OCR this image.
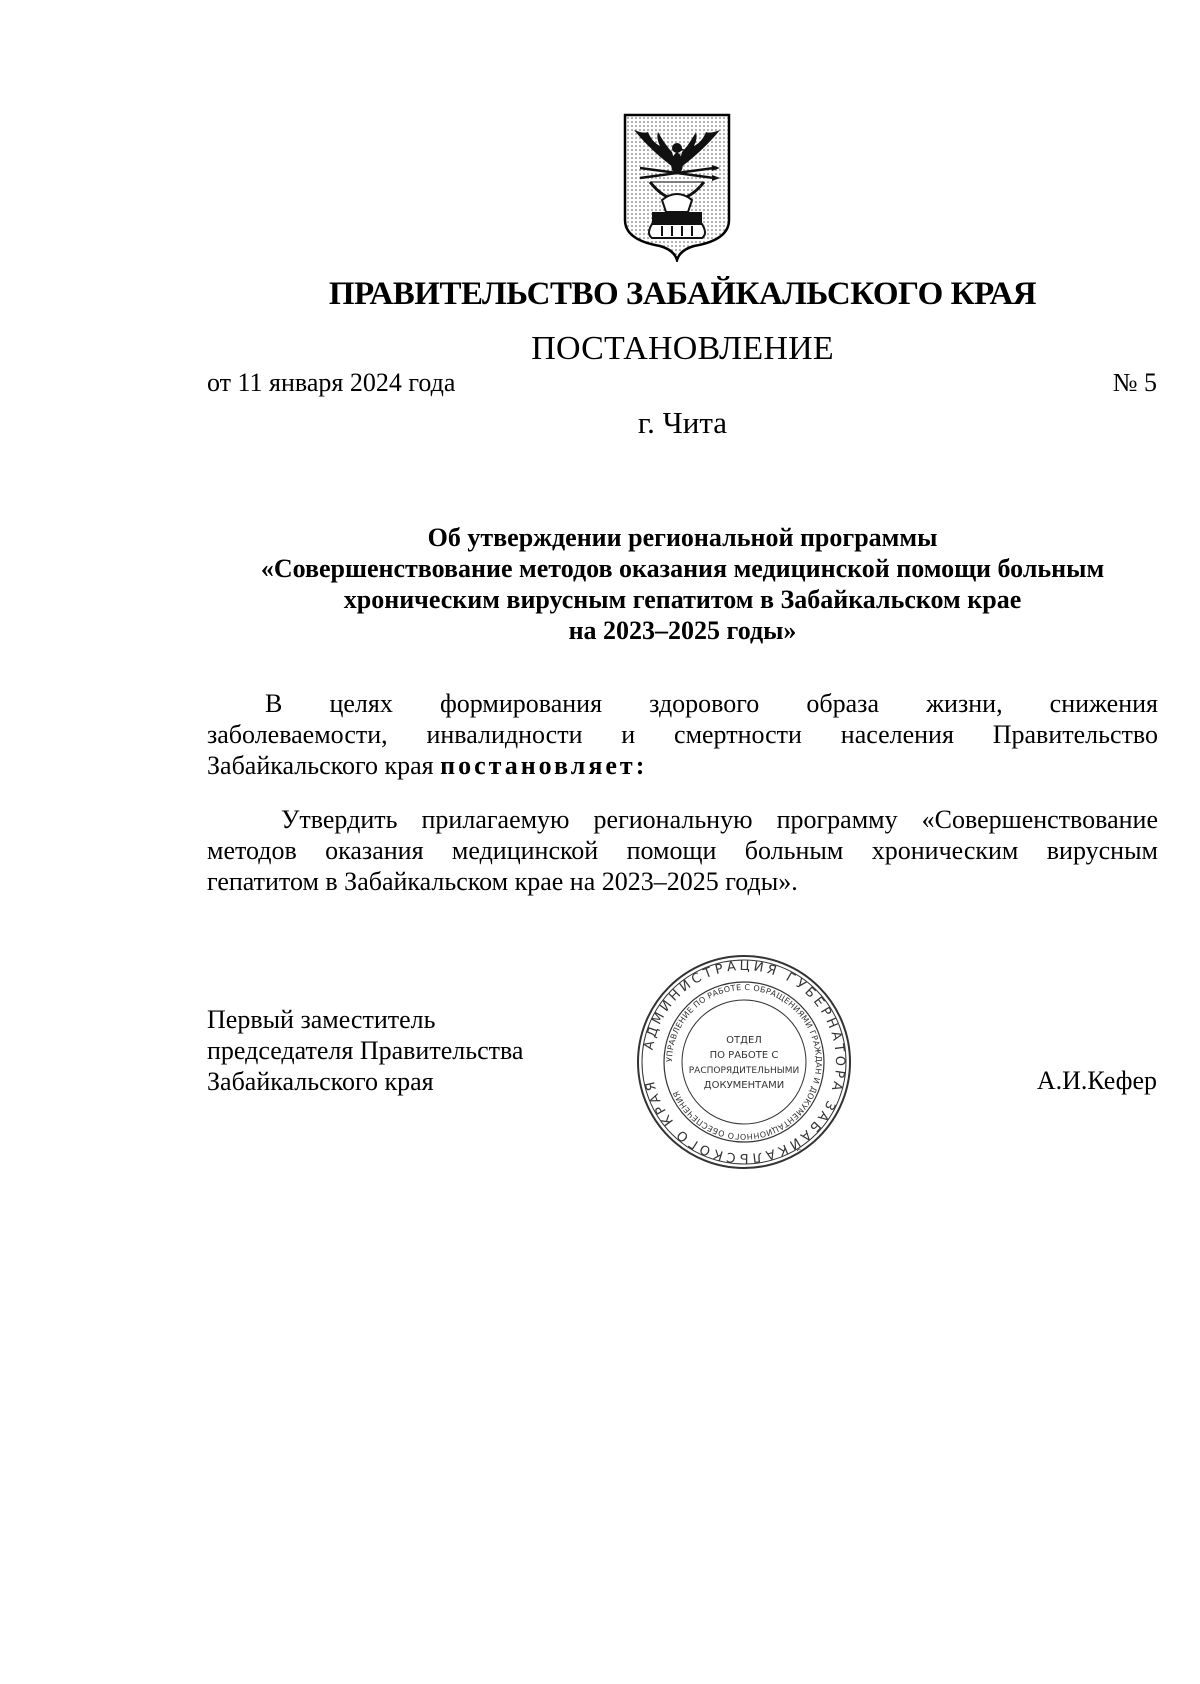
ПРАВИТЕЛЬСТВО ЗАБАЙКАЛЬСКОГО КРАЯ
ПОСТАНОВЛЕНИЕ
от 11 января 2024 года	№ 5
г. Чита
Об утверждении региональной программы
«Совершенствование методов оказания медицинской помощи больным
хроническим вирусным гепатитом в Забайкальском крае
на 2023–2025 годы»
В целях формирования здорового образа жизни, снижения
заболеваемости, инвалидности и смертности населения Правительство
Забайкальского края постановляет:
Утвердить прилагаемую региональную программу «Совершенствование
методов оказания медицинской помощи больным хроническим вирусным
гепатитом в Забайкальском крае на 2023–2025 годы».
Первый заместитель
председателя Правительства
Забайкальского края	А.И.Кефер
АДМИНИСТРАЦИЯ ГУБЕРНАТОРА ЗАБАЙКАЛЬСКОГО КРАЯ
УПРАВЛЕНИЕ ПО РАБОТЕ С ОБРАЩЕНИЯМИ ГРАЖДАН И ДОКУМЕНТАЦИОННОГО ОБЕСПЕЧЕНИЯ
ОТДЕЛ
ПО РАБОТЕ С
РАСПОРЯДИТЕЛЬНЫМИ
ДОКУМЕНТАМИ
